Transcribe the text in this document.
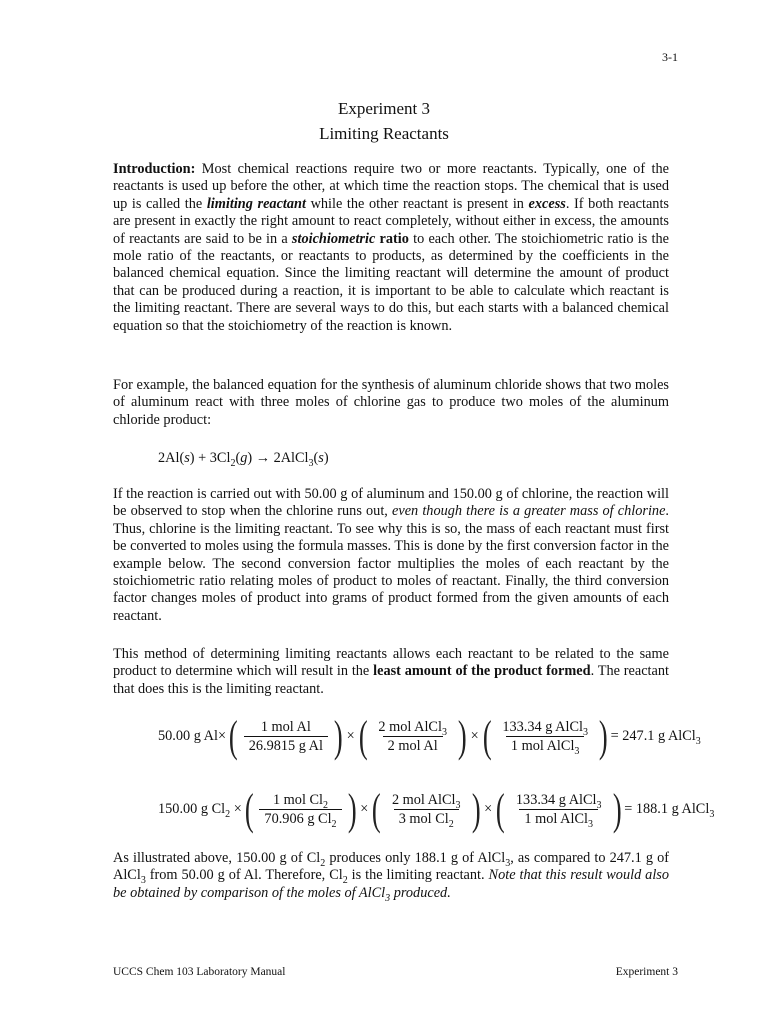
3-1
Experiment 3
Limiting Reactants

Introduction: Most chemical reactions require two or more reactants. Typically, one of the reactants is used up before the other, at which time the reaction stops. The chemical that is used up is called the limiting reactant while the other reactant is present in excess. If both reactants are present in exactly the right amount to react completely, without either in excess, the amounts of reactants are said to be in a stoichiometric ratio to each other. The stoichiometric ratio is the mole ratio of the reactants, or reactants to products, as determined by the coefficients in the balanced chemical equation. Since the limiting reactant will determine the amount of product that can be produced during a reaction, it is important to be able to calculate which reactant is the limiting reactant. There are several ways to do this, but each starts with a balanced chemical equation so that the stoichiometry of the reaction is known.

For example, the balanced equation for the synthesis of aluminum chloride shows that two moles of aluminum react with three moles of chlorine gas to produce two moles of the aluminum chloride product:

$2Al(s) + 3Cl_2(g)$ → 2AlCl$_3$(s)

If the reaction is carried out with 50.00 g of aluminum and 150.00 g of chlorine, the reaction will be observed to stop when the chlorine runs out, even though there is a greater mass of chlorine. Thus, chlorine is the limiting reactant. To see why this is so, the mass of each reactant must first be converted to moles using the formula masses. This is done by the first conversion factor in the example below. The second conversion factor multiplies the moles of each reactant by the stoichiometric ratio relating moles of product to moles of reactant. Finally, the third conversion factor changes moles of product into grams of product formed from the given amounts of each reactant.

This method of determining limiting reactants allows each reactant to be related to the same product to determine which will result in the least amount of the product formed. The reactant that does this is the limiting reactant.

50.00 g Al× ( $\frac{\text{1 mol Al}}{\text{26.9815 g Al}}$ ) × ( $\frac{2 mol AlCl_3}{\text{2 mol Al}}$ ) × ( $\frac{133.34 g AlCl_3}{1 mol AlCl_3}$ ) = 247.1 g AlCl$_3$
150.00 g $Cl_2$ × ( $\frac{1 mol Cl_2}{70.906 g Cl_2}$ ) × ( $\frac{2 mol AlCl_3}{3 mol Cl_2}$ ) × ( $\frac{133.34 g AlCl_3}{1 mol AlCl_3}$ ) = 188.1 g AlCl$_3$

As illustrated above, 150.00 g of $Cl_2$ produces only 188.1 g of AlCl$_3$, as compared to 247.1 g of AlCl$_3$ from 50.00 g of Al. Therefore, $Cl_2$ is the limiting reactant. Note that this result would also be obtained by comparison of the moles of AlCl$_3$ produced.

UCCS Chem 103 Laboratory Manual	Experiment 3
